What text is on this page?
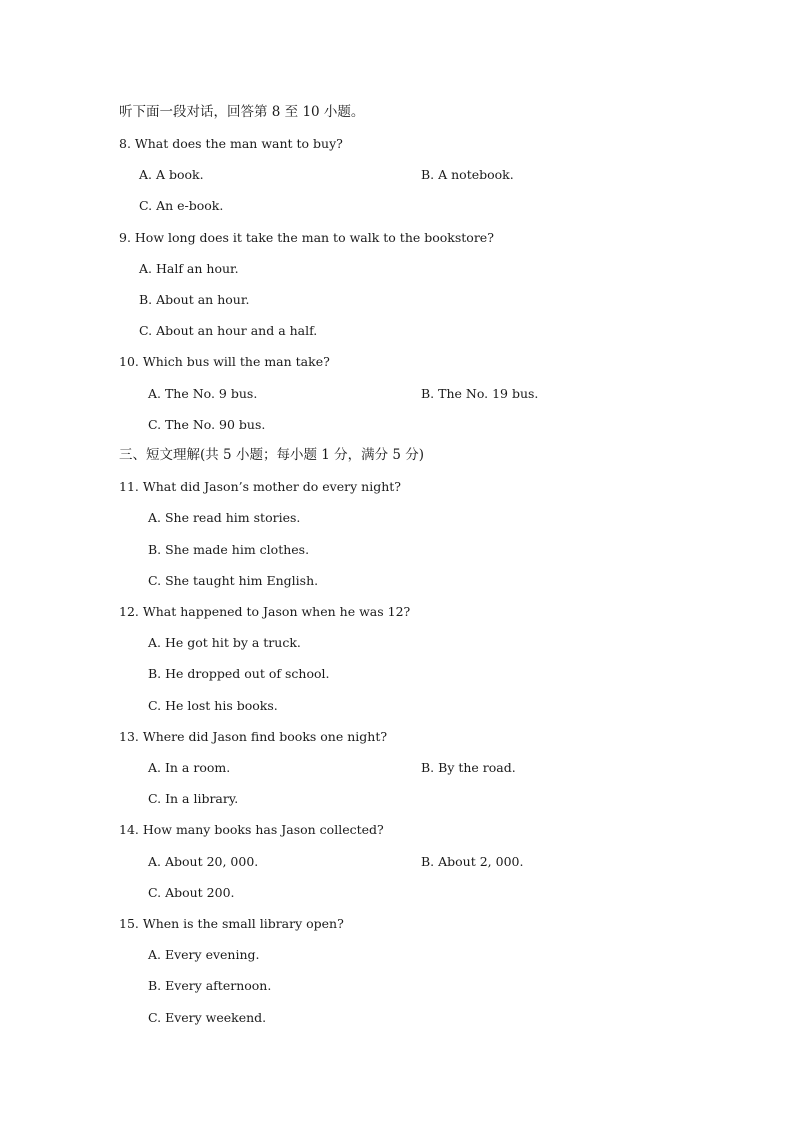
听下面一段对话，回答第 8 至 10 小题。
8. What does the man want to buy?
A. A book.	B. A notebook.
C. An e-book.
9. How long does it take the man to walk to the bookstore?
A. Half an hour.
B. About an hour.
C. About an hour and a half.
10. Which bus will the man take?
A. The No. 9 bus.	B. The No. 19 bus.
C. The No. 90 bus.
三、短文理解(共 5 小题；每小题 1 分，满分 5 分)
11. What did Jason’s mother do every night?
A. She read him stories.
B. She made him clothes.
C. She taught him English.
12. What happened to Jason when he was 12?
A. He got hit by a truck.
B. He dropped out of school.
C. He lost his books.
13. Where did Jason find books one night?
A. In a room.	B. By the road.
C. In a library.
14. How many books has Jason collected?
A. About 20, 000.	B. About 2, 000.
C. About 200.
15. When is the small library open?
A. Every evening.
B. Every afternoon.
C. Every weekend.
